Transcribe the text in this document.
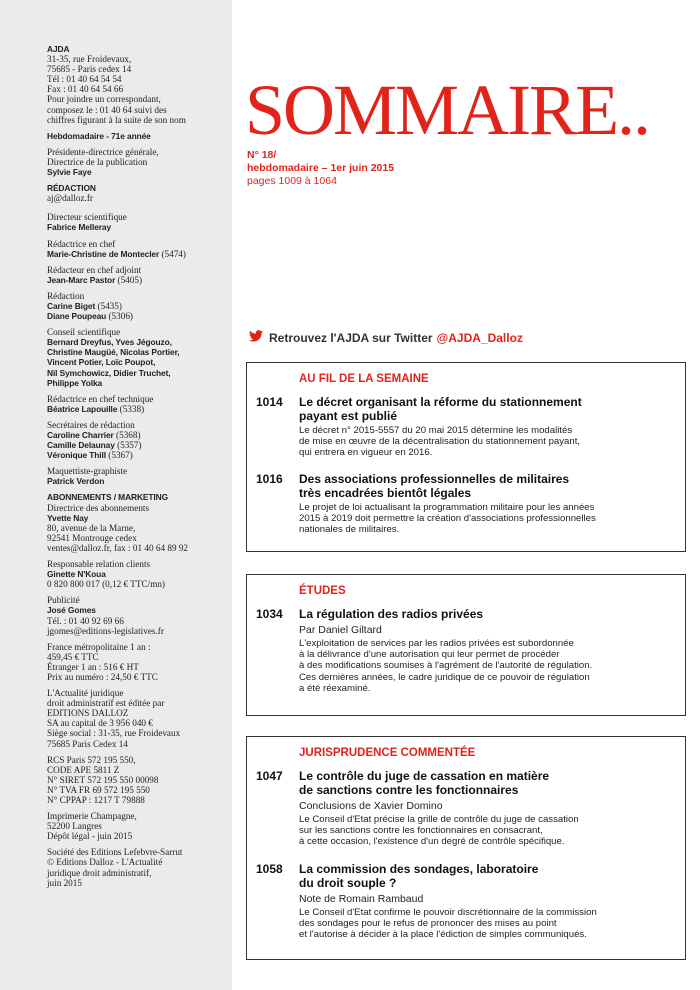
AJDA
31-35, rue Froidevaux,
75685 - Paris cedex 14
Tél : 01 40 64 54 54
Fax : 01 40 64 54 66
Pour joindre un correspondant,
composez le : 01 40 64 suivi des
chiffres figurant à la suite de son nom
Hebdomadaire - 71e année
Présidente-directrice générale,
Directrice de la publication
Sylvie Faye
RÉDACTION
aj@dalloz.fr
Directeur scientifique
Fabrice Melleray
Rédactrice en chef
Marie-Christine de Montecler (5474)
Rédacteur en chef adjoint
Jean-Marc Pastor (5405)
Rédaction
Carine Biget (5435)
Diane Poupeau (5306)
Conseil scientifique
Bernard Dreyfus, Yves Jégouzo,
Christine Maugüé, Nicolas Portier,
Vincent Potier, Loïc Poupot,
Nil Symchowicz, Didier Truchet,
Philippe Yolka
Rédactrice en chef technique
Béatrice Lapouille (5338)
Secrétaires de rédaction
Caroline Charrier (5368)
Camille Delaunay (5357)
Véronique Thill (5367)
Maquettiste-graphiste
Patrick Verdon
ABONNEMENTS / MARKETING
Directrice des abonnements
Yvette Nay
80, avenue de la Marne,
92541 Montrouge cedex
ventes@dalloz.fr, fax : 01 40 64 89 92
Responsable relation clients
Ginette N'Koua
0 820 800 017 (0,12 € TTC/mn)
Publicité
José Gomes
Tél. : 01 40 92 69 66
jgomes@editions-legislatives.fr
France métropolitaine 1 an :
459,45 € TTC
Étranger 1 an : 516 € HT
Prix au numéro : 24,50 € TTC
L'Actualité juridique
droit administratif est éditée par
EDITIONS DALLOZ
SA au capital de 3 956 040 €
Siège social : 31-35, rue Froidevaux
75685 Paris Cedex 14
RCS Paris 572 195 550,
CODE APE 5811 Z
N° SIRET 572 195 550 00098
N° TVA FR 69 572 195 550
N° CPPAP : 1217 T 79888
Imprimerie Champagne,
52200 Langres
Dépôt légal - juin 2015
Société des Editions Lefebvre-Sarrut
© Editions Dalloz - L'Actualité
juridique droit administratif,
juin 2015
SOMMAIRE..
N° 18/
hebdomadaire – 1er juin 2015
pages 1009 à 1064
Retrouvez l'AJDA sur Twitter @AJDA_Dalloz
AU FIL DE LA SEMAINE
1014 Le décret organisant la réforme du stationnement
payant est publié
Le décret n° 2015-5557 du 20 mai 2015 détermine les modalités
de mise en œuvre de la décentralisation du stationnement payant,
qui entrera en vigueur en 2016.
1016 Des associations professionnelles de militaires
très encadrées bientôt légales
Le projet de loi actualisant la programmation militaire pour les années
2015 à 2019 doit permettre la création d'associations professionnelles
nationales de militaires.
ÉTUDES
1034 La régulation des radios privées
Par Daniel Giltard
L'exploitation de services par les radios privées est subordonnée
à la délivrance d'une autorisation qui leur permet de procéder
à des modifications soumises à l'agrément de l'autorité de régulation.
Ces dernières années, le cadre juridique de ce pouvoir de régulation
a été réexaminé.
JURISPRUDENCE COMMENTÉE
1047 Le contrôle du juge de cassation en matière
de sanctions contre les fonctionnaires
Conclusions de Xavier Domino
Le Conseil d'Etat précise la grille de contrôle du juge de cassation
sur les sanctions contre les fonctionnaires en consacrant,
à cette occasion, l'existence d'un degré de contrôle spécifique.
1058 La commission des sondages, laboratoire
du droit souple ?
Note de Romain Rambaud
Le Conseil d'Etat confirme le pouvoir discrétionnaire de la commission
des sondages pour le refus de prononcer des mises au point
et l'autorise à décider à la place l'édiction de simples communiqués.
